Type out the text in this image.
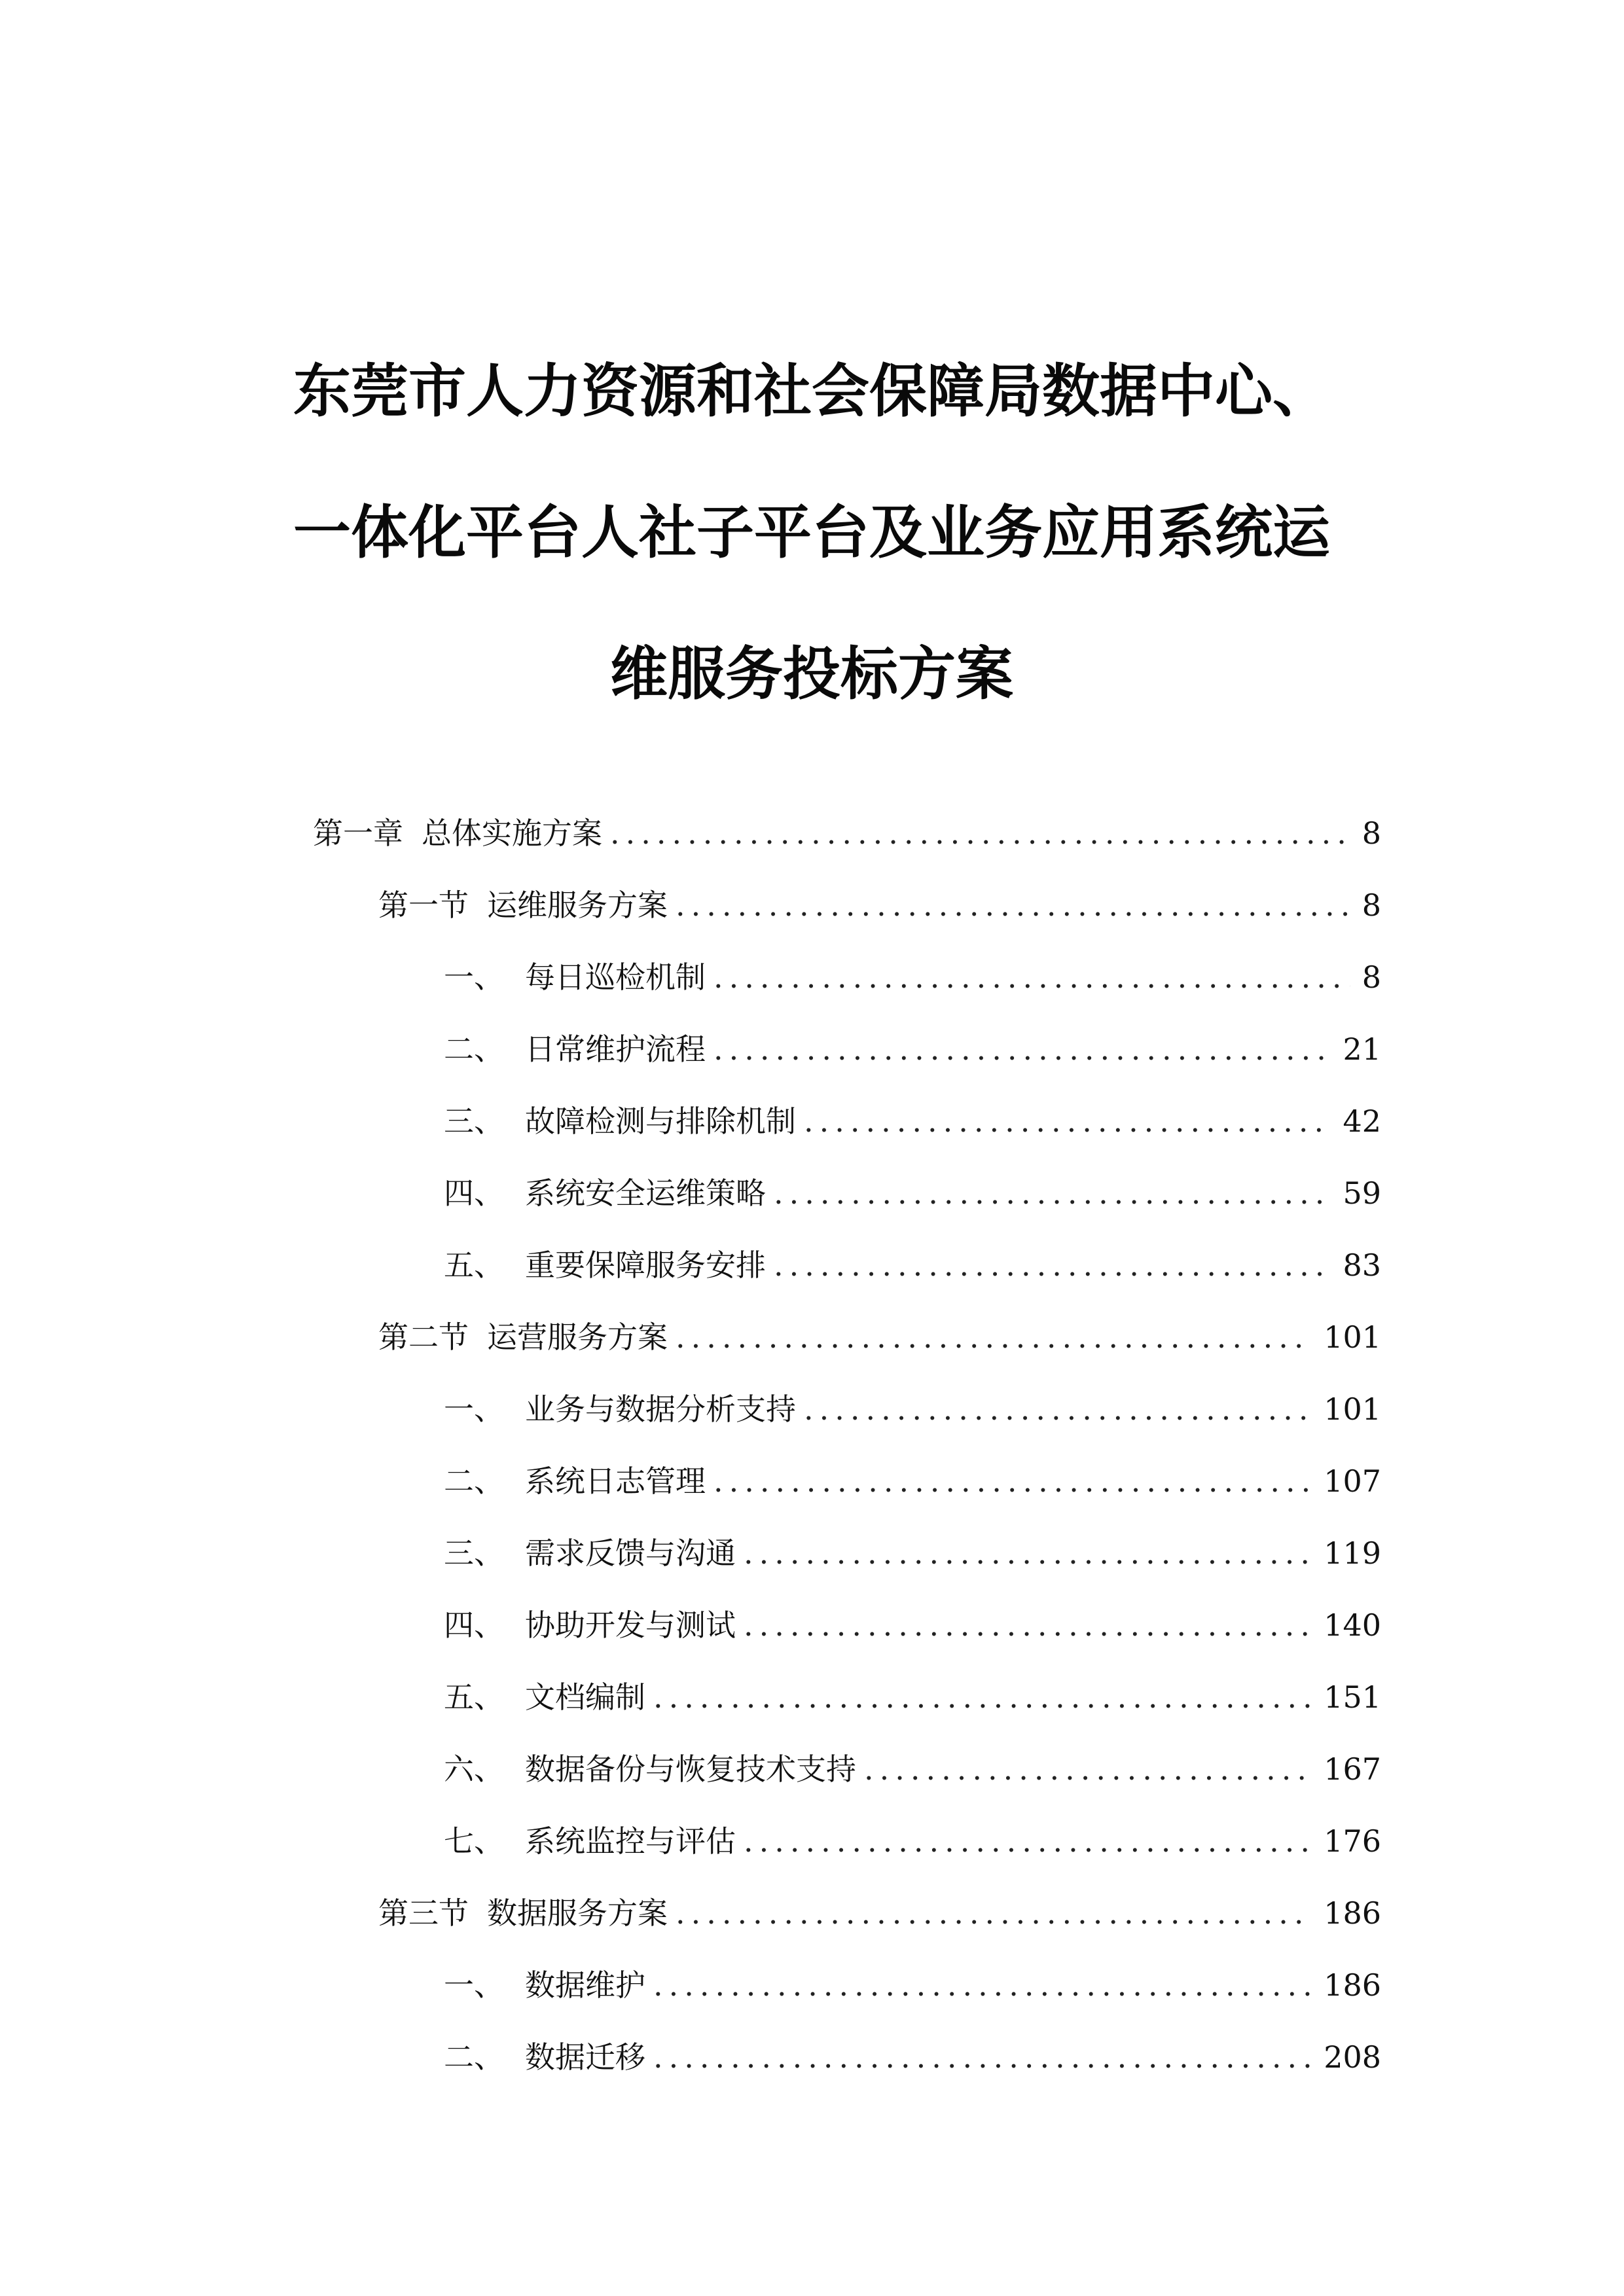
东莞市人力资源和社会保障局数据中心、
一体化平台人社子平台及业务应用系统运
维服务投标方案
第一章 总体实施方案 .....	8
第一节 运维服务方案 .....	8
一、 每日巡检机制 .....	8
二、 日常维护流程 .....	21
三、 故障检测与排除机制 .....	42
四、 系统安全运维策略 .....	59
五、 重要保障服务安排 .....	83
第二节 运营服务方案 .....	101
一、 业务与数据分析支持 .....	101
二、 系统日志管理 .....	107
三、 需求反馈与沟通 .....	119
四、 协助开发与测试 .....	140
五、 文档编制 .....	151
六、 数据备份与恢复技术支持 .....	167
七、 系统监控与评估 .....	176
第三节 数据服务方案 .....	186
一、 数据维护 .....	186
二、 数据迁移 .....	208
